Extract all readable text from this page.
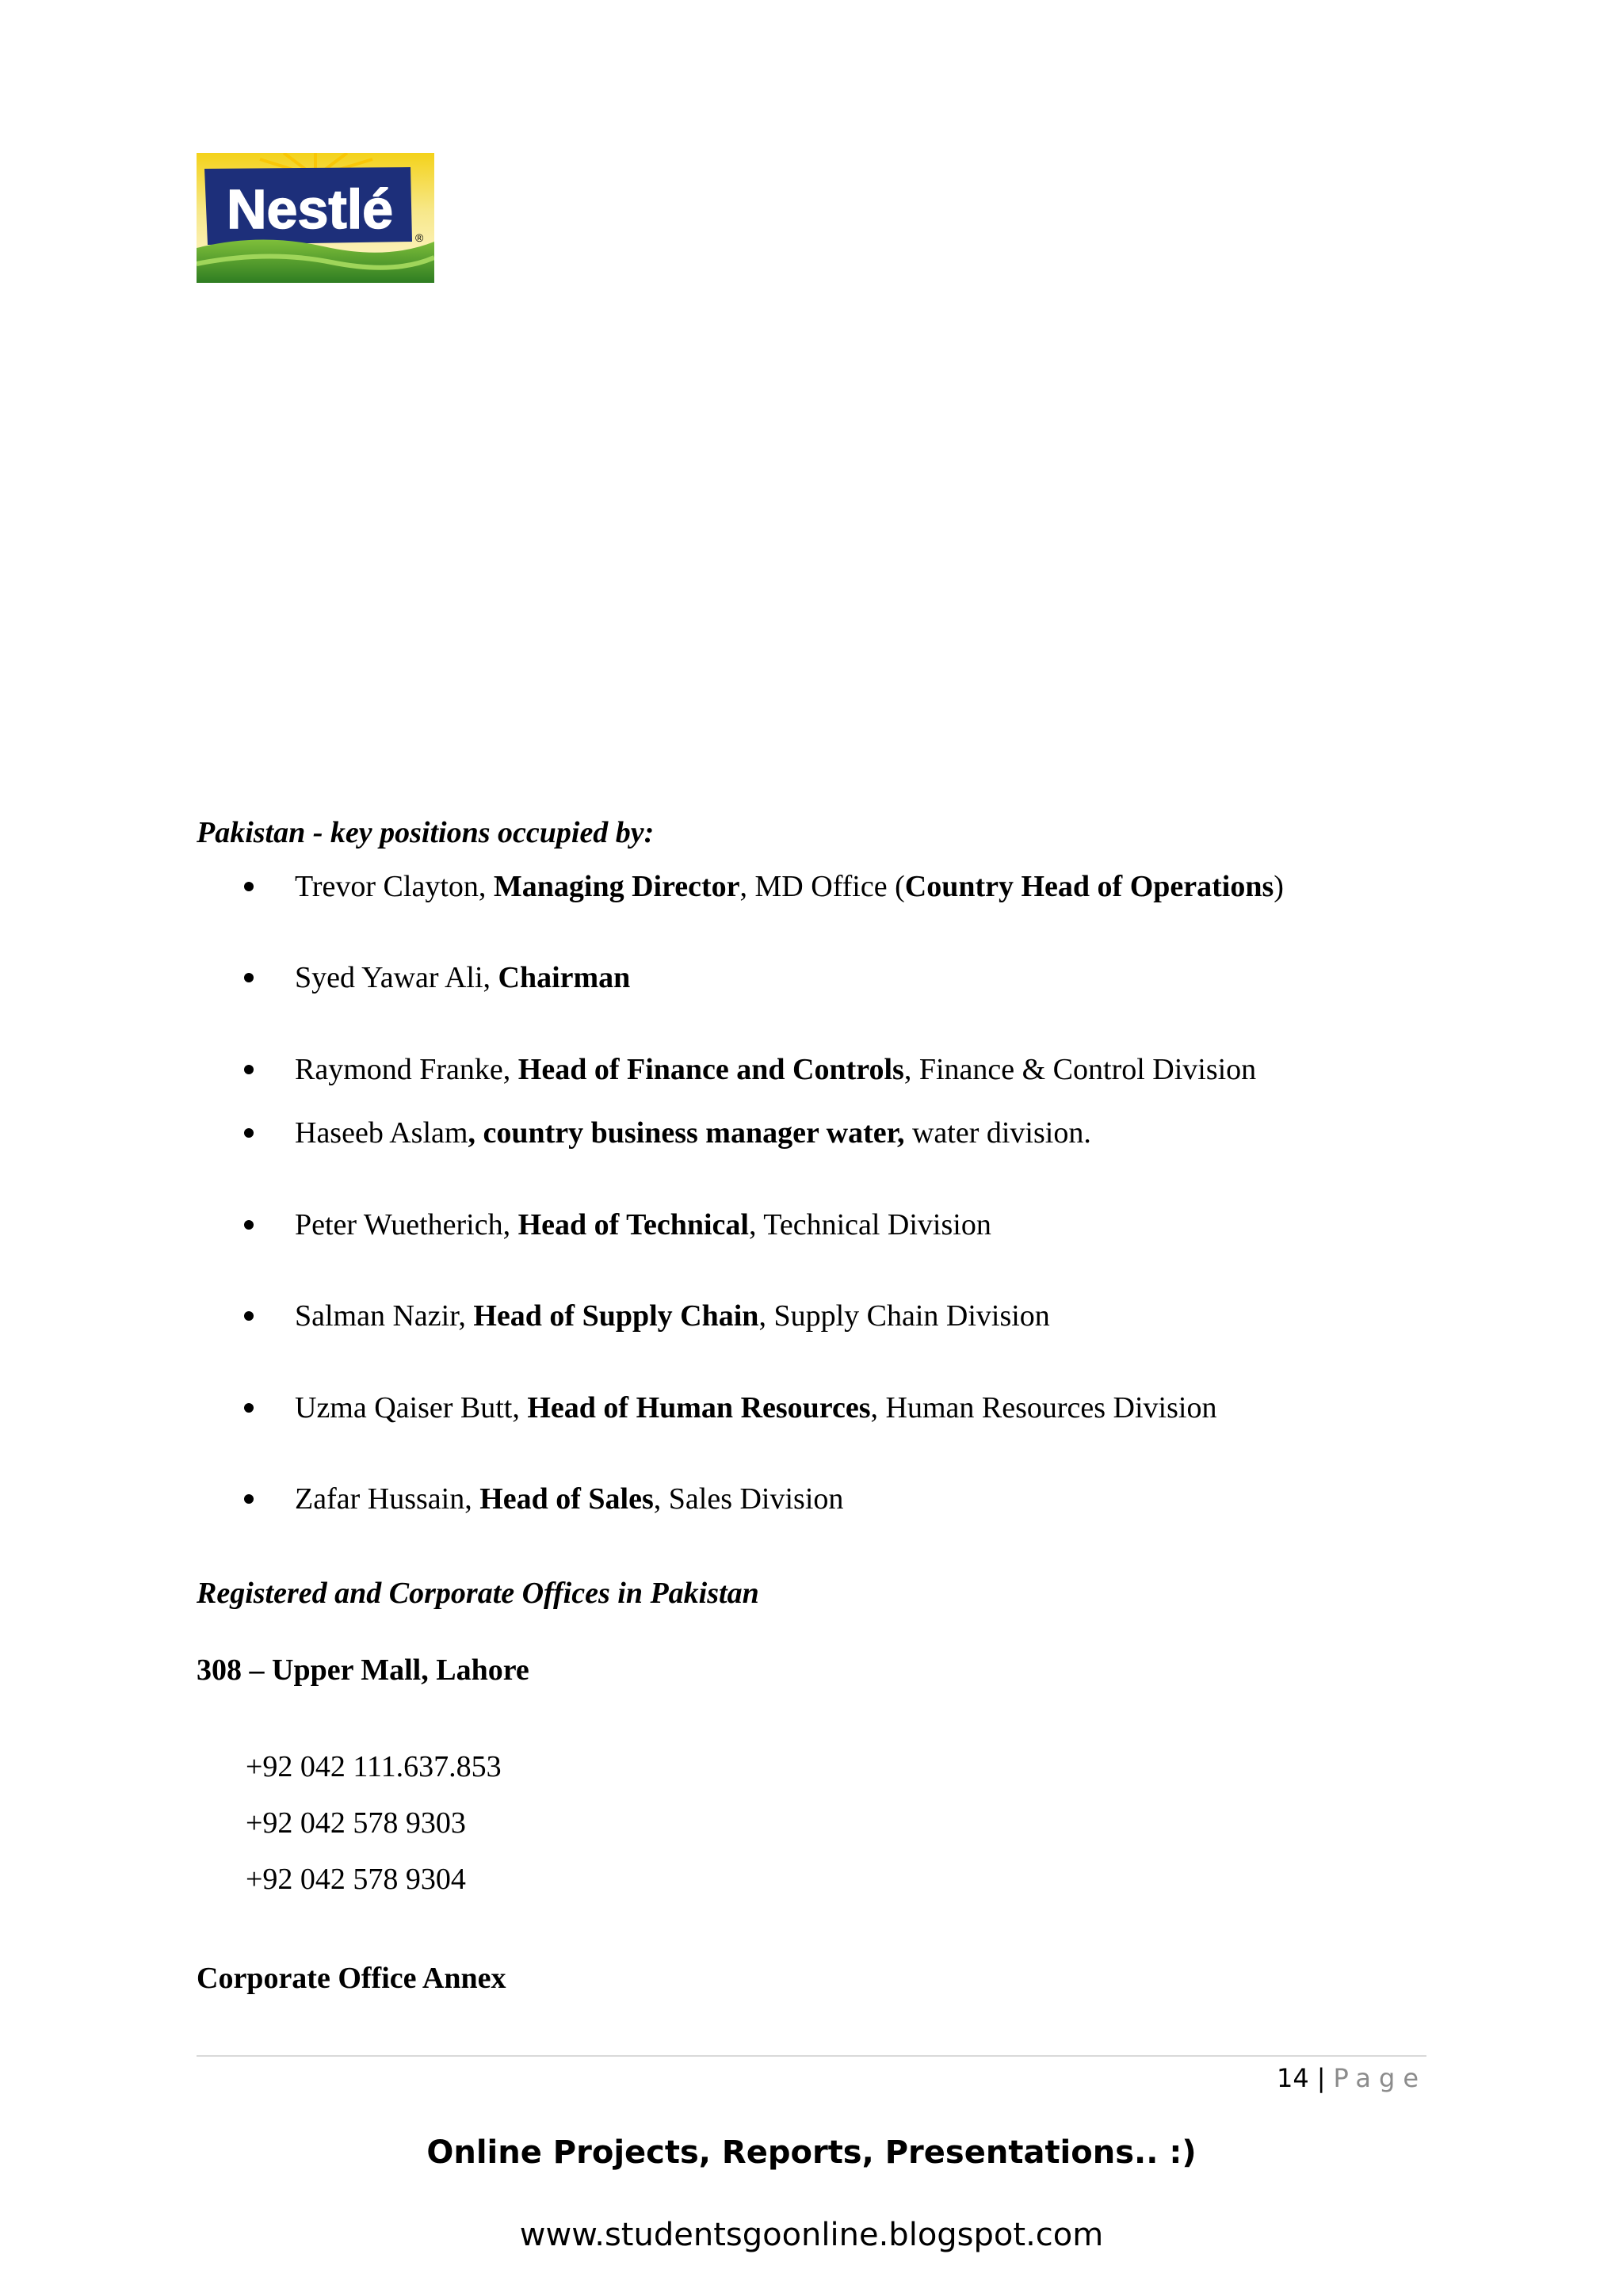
Nestlé ®
Pakistan - key positions occupied by:
Trevor Clayton, Managing Director, MD Office (Country Head of Operations)
Syed Yawar Ali, Chairman
Raymond Franke, Head of Finance and Controls, Finance & Control Division
Haseeb Aslam, country business manager water, water division.
Peter Wuetherich, Head of Technical, Technical Division
Salman Nazir, Head of Supply Chain, Supply Chain Division
Uzma Qaiser Butt, Head of Human Resources, Human Resources Division
Zafar Hussain, Head of Sales, Sales Division
Registered and Corporate Offices in Pakistan
308 – Upper Mall, Lahore
+92 042 111.637.853
+92 042 578 9303
+92 042 578 9304
Corporate Office Annex
14 | Page
Online Projects, Reports, Presentations.. :)
www.studentsgoonline.blogspot.com
